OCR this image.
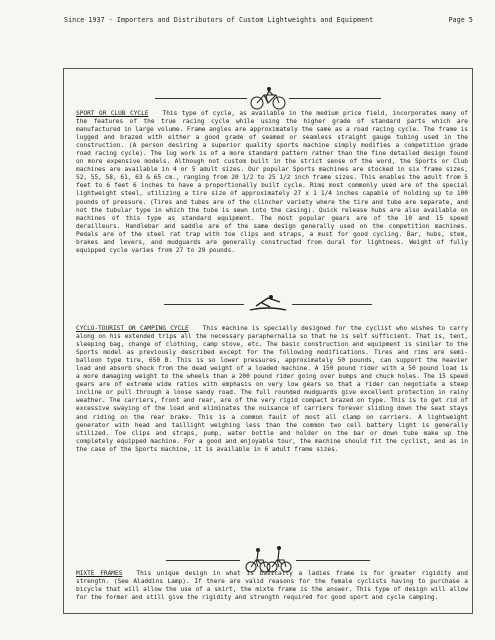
Since 1937 - Importers and Distributors of Custom Lightweights and Equipment	Page 5
SPORT OR CLUB CYCLE This type of cycle, as available in the medium price field, incorporates many of the features of the true racing cycle while using the higher grade of standard parts which are manufactured in large volume. Frame angles are approximately the same as a road racing cycle. The frame is lugged and brazed with either a good grade of seamed or seamless straight gauge tubing used in the construction. (A person desiring a superior quality sports machine simply modifies a competition grade road racing cycle). The lug work is of a more standard pattern rather than the fine detailed design found on more expensive models. Although not custom built in the strict sense of the word, the Sports or Club machines are available in 4 or 5 adult sizes. Our popular Sports machines are stocked in six frame sizes, 52, 55, 58, 61, 63 & 65 cm., ranging from 20 1/2 to 25 1/2 inch frame sizes. This enables the adult from 5 feet to 6 feet 6 inches to have a proportionally built cycle. Rims most commonly used are of the special lightweight steel, utilizing a tire size of approximately 27 x 1 1/4 inches capable of holding up to 100 pounds of pressure. (Tires and tubes are of the clincher variety where the tire and tube are separate, and not the tubular type in which the tube is sewn into the casing). Quick release hubs are also available on machines of this type as standard equipment. The most popular gears are of the 10 and 15 speed derailleurs. Handlebar and saddle are of the same design generally used on the competition machines. Pedals are of the steel rat trap with toe clips and straps, a must for good cycling. Bar, hubs, stem, brakes and levers, and mudguards are generally constructed from dural for lightness. Weight of fully equipped cycle varies from 27 to 29 pounds.
CYCLO-TOURIST OR CAMPING CYCLE This machine is specially designed for the cyclist who wishes to carry along on his extended trips all the necessary paraphernalia so that he is self sufficient. That is, tent, sleeping bag, change of clothing, camp stove, etc. The basic construction and equipment is similar to the Sports model as previously described except for the following modifications. Tires and rims are semi-balloon type tire, 650 B. This is so lower pressures, approximately 50 pounds, can support the heavier load and absorb shock from the dead weight of a loaded machine. A 150 pound rider with a 50 pound load is a more damaging weight to the wheels than a 200 pound rider going over bumps and chuck holes. The 15 speed gears are of extreme wide ratios with emphasis on very low gears so that a rider can negotiate a steep incline or pull through a loose sandy road. The full rounded mudguards give excellent protection in rainy weather. The carriers, front and rear, are of the very rigid compact brazed on type. This is to get rid of excessive swaying of the load and eliminates the nuisance of carriers forever sliding down the seat stays and riding on the rear brake. This is a common fault of most all clamp on carriers. A lightweight generator with head and taillight weighing less than the common two cell battery light is generally utilized. Toe clips and straps, pump, water bottle and holder on the bar or down tube make up the completely equipped machine. For a good and enjoyable tour, the machine should fit the cyclist, and as in the case of the Sports machine, it is available in 6 adult frame sizes.
MIXTE FRAMES This unique design in what is basically a ladies frame is for greater rigidity and strength. (See Aladdins Lamp). If there are valid reasons for the female cyclists having to purchase a bicycle that will allow the use of a skirt, the mixte frame is the answer. This type of design will allow for the former and still give the rigidity and strength required for good sport and cycle camping.
